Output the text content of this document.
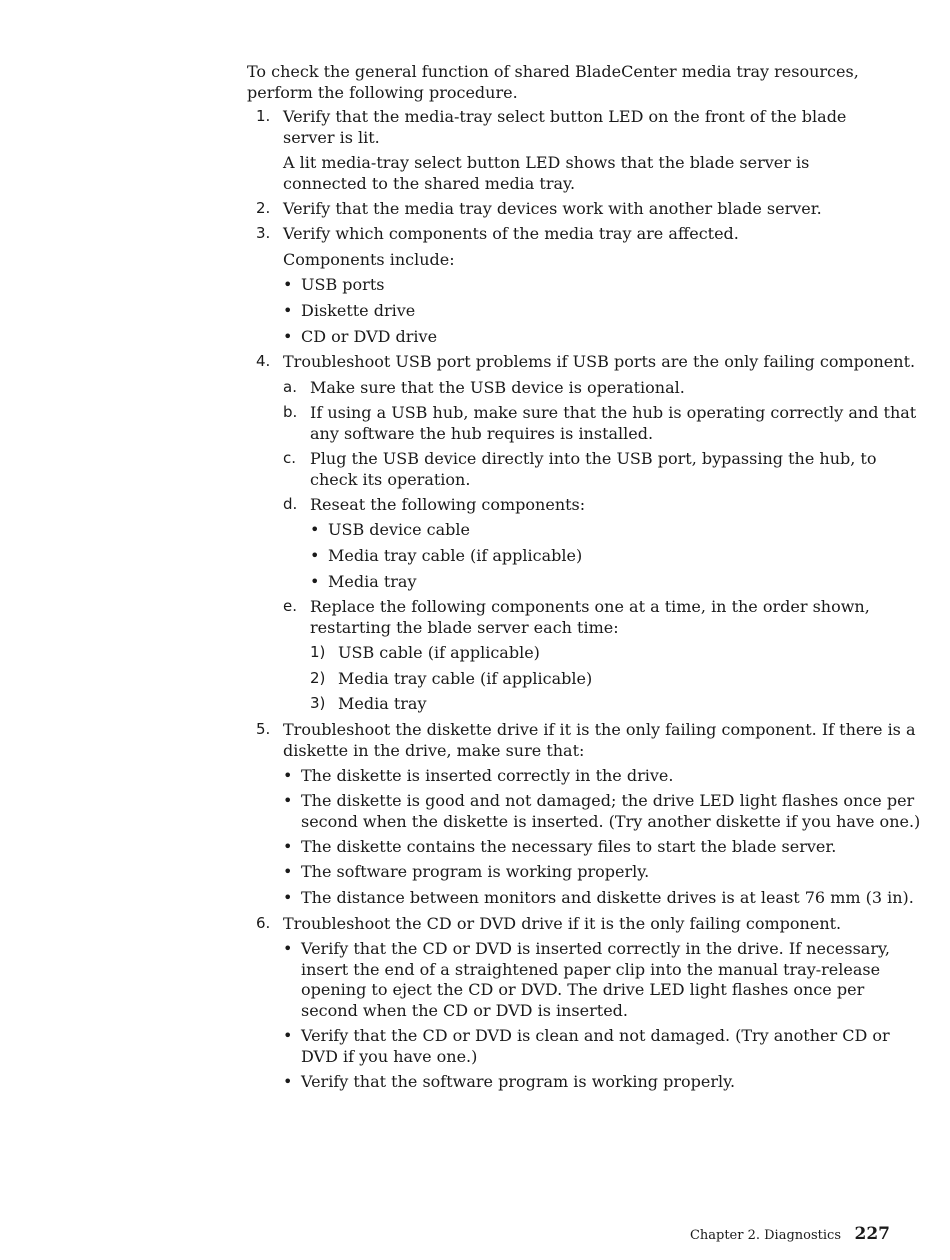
To check the general function of shared BladeCenter media tray resources, perform the following procedure.

1. Verify that the media-tray select button LED on the front of the blade server is lit.
A lit media-tray select button LED shows that the blade server is connected to the shared media tray.
2. Verify that the media tray devices work with another blade server.
3. Verify which components of the media tray are affected.
Components include:
• USB ports
• Diskette drive
• CD or DVD drive
4. Troubleshoot USB port problems if USB ports are the only failing component.
a. Make sure that the USB device is operational.
b. If using a USB hub, make sure that the hub is operating correctly and that
any software the hub requires is installed.
c. Plug the USB device directly into the USB port, bypassing the hub, to
check its operation.
d. Reseat the following components:
• USB device cable
• Media tray cable (if applicable)
• Media tray
e. Replace the following components one at a time, in the order shown,
restarting the blade server each time:
1) USB cable (if applicable)
2) Media tray cable (if applicable)
3) Media tray
5. Troubleshoot the diskette drive if it is the only failing component. If there is a
diskette in the drive, make sure that:
• The diskette is inserted correctly in the drive.
• The diskette is good and not damaged; the drive LED light flashes once per
second when the diskette is inserted. (Try another diskette if you have one.)
• The diskette contains the necessary files to start the blade server.
• The software program is working properly.
• The distance between monitors and diskette drives is at least 76 mm (3 in).
6. Troubleshoot the CD or DVD drive if it is the only failing component.
• Verify that the CD or DVD is inserted correctly in the drive. If necessary,
insert the end of a straightened paper clip into the manual tray-release
opening to eject the CD or DVD. The drive LED light flashes once per
second when the CD or DVD is inserted.
• Verify that the CD or DVD is clean and not damaged. (Try another CD or
DVD if you have one.)
• Verify that the software program is working properly.
Chapter 2. Diagnostics 227
